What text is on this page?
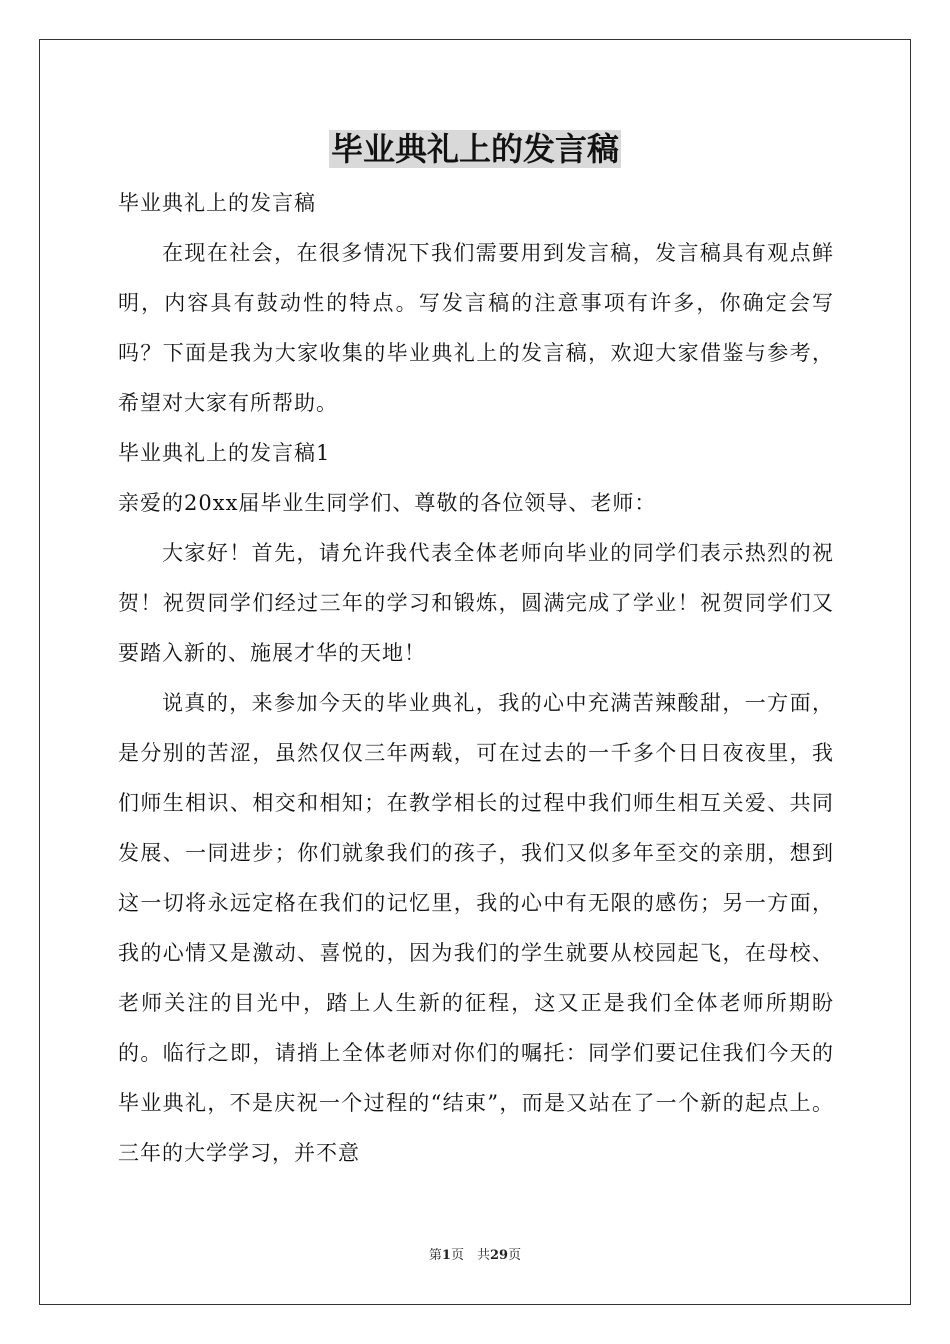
毕业典礼上的发言稿

毕业典礼上的发言稿

在现在社会，在很多情况下我们需要用到发言稿，发言稿具有观点鲜明，内容具有鼓动性的特点。写发言稿的注意事项有许多，你确定会写吗？下面是我为大家收集的毕业典礼上的发言稿，欢迎大家借鉴与参考，希望对大家有所帮助。

毕业典礼上的发言稿1

亲爱的20xx届毕业生同学们、尊敬的各位领导、老师：

大家好！首先，请允许我代表全体老师向毕业的同学们表示热烈的祝贺！祝贺同学们经过三年的学习和锻炼，圆满完成了学业！祝贺同学们又要踏入新的、施展才华的天地！

说真的，来参加今天的毕业典礼，我的心中充满苦辣酸甜，一方面，是分别的苦涩，虽然仅仅三年两载，可在过去的一千多个日日夜夜里，我们师生相识、相交和相知；在教学相长的过程中我们师生相互关爱、共同发展、一同进步；你们就象我们的孩子，我们又似多年至交的亲朋，想到这一切将永远定格在我们的记忆里，我的心中有无限的感伤；另一方面，我的心情又是激动、喜悦的，因为我们的学生就要从校园起飞，在母校、老师关注的目光中，踏上人生新的征程，这又正是我们全体老师所期盼的。临行之即，请捎上全体老师对你们的嘱托：同学们要记住我们今天的毕业典礼，不是庆祝一个过程的“结束”，而是又站在了一个新的起点上。三年的大学学习，并不意

第1页　共29页
